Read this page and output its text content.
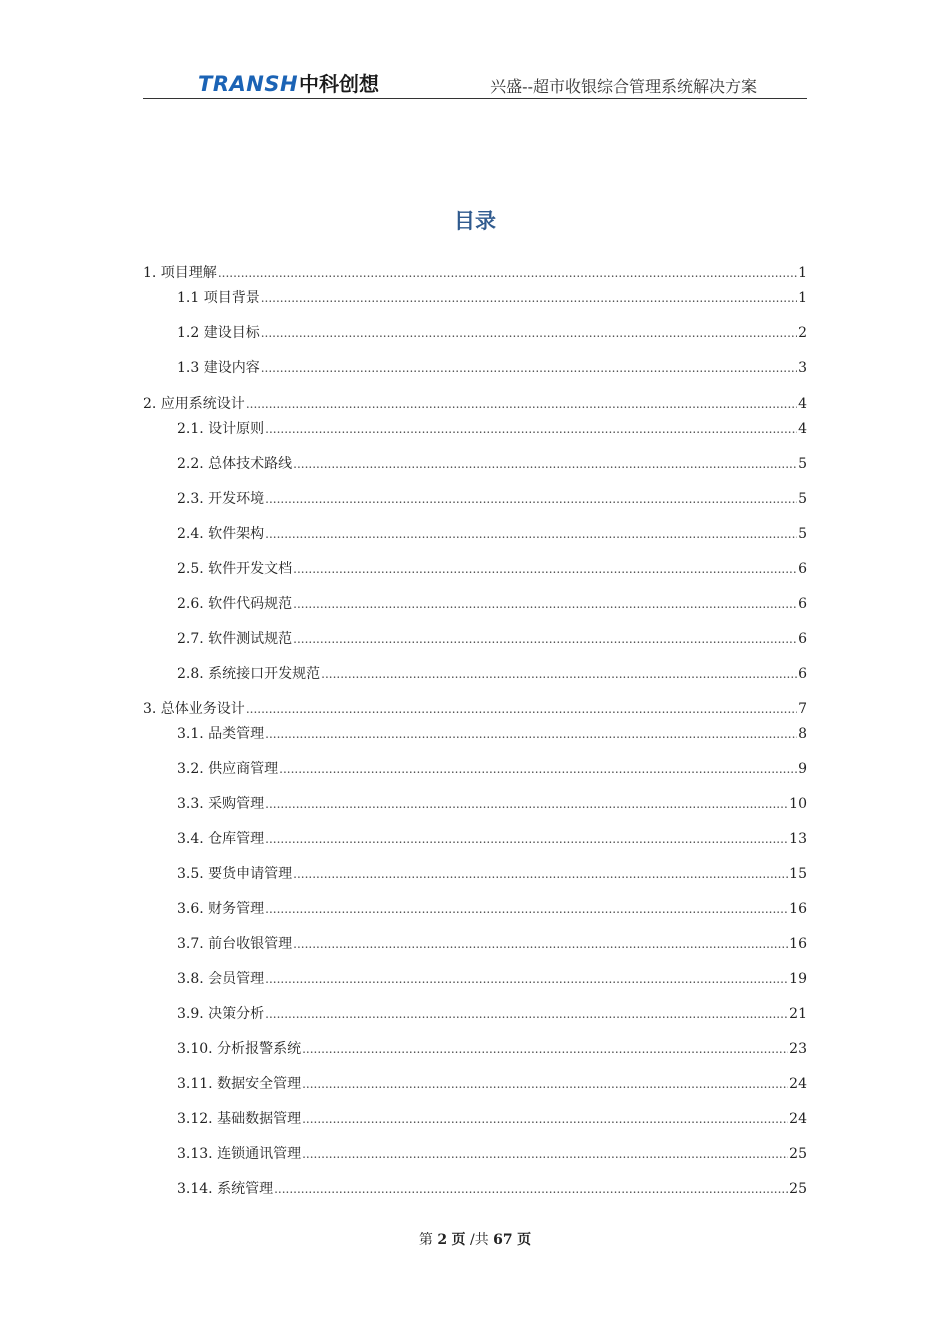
TRANSH 中科创想	兴盛--超市收银综合管理系统解决方案
目录
1. 项目理解 .....	1
1.1 项目背景 .....	1
1.2 建设目标 .....	2
1.3 建设内容 .....	3
2. 应用系统设计 .....	4
2.1. 设计原则 .....	4
2.2. 总体技术路线 .....	5
2.3. 开发环境 .....	5
2.4. 软件架构 .....	5
2.5. 软件开发文档 .....	6
2.6. 软件代码规范 .....	6
2.7. 软件测试规范 .....	6
2.8. 系统接口开发规范 .....	6
3. 总体业务设计 .....	7
3.1. 品类管理 .....	8
3.2. 供应商管理 .....	9
3.3. 采购管理 .....	10
3.4. 仓库管理 .....	13
3.5. 要货申请管理 .....	15
3.6. 财务管理 .....	16
3.7. 前台收银管理 .....	16
3.8. 会员管理 .....	19
3.9. 决策分析 .....	21
3.10. 分析报警系统 .....	23
3.11. 数据安全管理 .....	24
3.12. 基础数据管理 .....	24
3.13. 连锁通讯管理 .....	25
3.14. 系统管理 .....	25
第 2 页 /共 67 页
